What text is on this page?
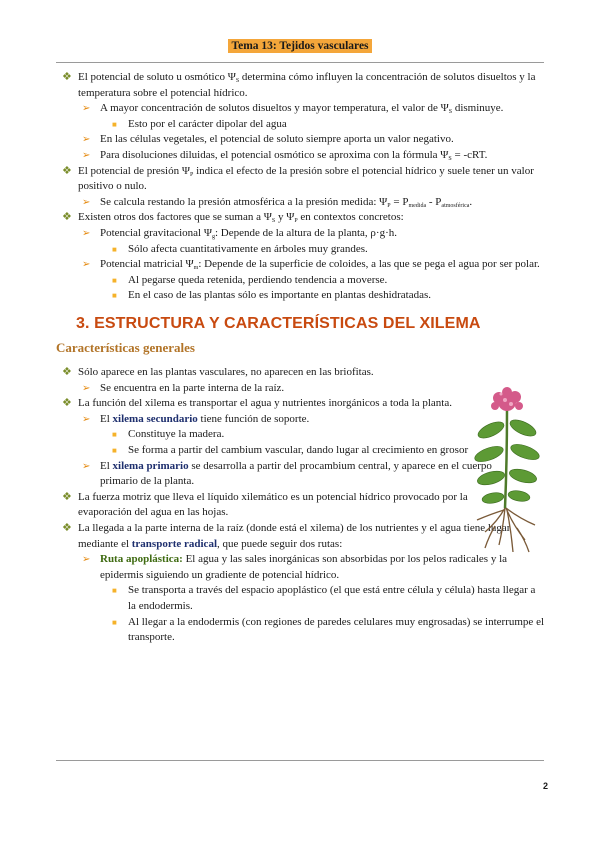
Tema 13: Tejidos vasculares
❖ El potencial de soluto u osmótico $\Psi_S$ determina cómo influyen la concentración de solutos disueltos y la temperatura sobre el potencial hídrico.
➢ A mayor concentración de solutos disueltos y mayor temperatura, el valor de $\Psi_S$ disminuye.
■ Esto por el carácter dipolar del agua
➢ En las células vegetales, el potencial de soluto siempre aporta un valor negativo.
➢ Para disoluciones diluidas, el potencial osmótico se aproxima con la fórmula $\Psi_S = -cRT$.
❖ El potencial de presión $\Psi_P$ indica el efecto de la presión sobre el potencial hídrico y suele tener un valor positivo o nulo.
➢ Se calcula restando la presión atmosférica a la presión medida: $\Psi_P = P_{medida} - P_{atmosférica}$.
❖ Existen otros dos factores que se suman a $\Psi_S$ y $\Psi_P$ en contextos concretos:
➢ Potencial gravitacional $\Psi_g$: Depende de la altura de la planta, ρ·g·h.
■ Sólo afecta cuantitativamente en árboles muy grandes.
➢ Potencial matricial $\Psi_m$: Depende de la superficie de coloides, a las que se pega el agua por ser polar.
■ Al pegarse queda retenida, perdiendo tendencia a moverse.
■ En el caso de las plantas sólo es importante en plantas deshidratadas.
3. ESTRUCTURA Y CARACTERÍSTICAS DEL XILEMA
Características generales
❖ Sólo aparece en las plantas vasculares, no aparecen en las briofitas.
➢ Se encuentra en la parte interna de la raíz.
❖ La función del xilema es transportar el agua y nutrientes inorgánicos a toda la planta.
➢ El xilema secundario tiene función de soporte.
■ Constituye la madera.
■ Se forma a partir del cambium vascular, dando lugar al crecimiento en grosor
➢ El xilema primario se desarrolla a partir del procambium central, y aparece en el cuerpo primario de la planta.
❖ La fuerza motriz que lleva el líquido xilemático es un potencial hídrico provocado por la evaporación del agua en las hojas.
❖ La llegada a la parte interna de la raíz (donde está el xilema) de los nutrientes y el agua tiene lugar mediante el transporte radical, que puede seguir dos rutas:
➢ Ruta apoplástica: El agua y las sales inorgánicas son absorbidas por los pelos radicales y la epidermis siguiendo un gradiente de potencial hídrico.
■ Se transporta a través del espacio apoplástico (el que está entre célula y célula) hasta llegar a la endodermis.
■ Al llegar a la endodermis (con regiones de paredes celulares muy engrosadas) se interrumpe el transporte.
2
